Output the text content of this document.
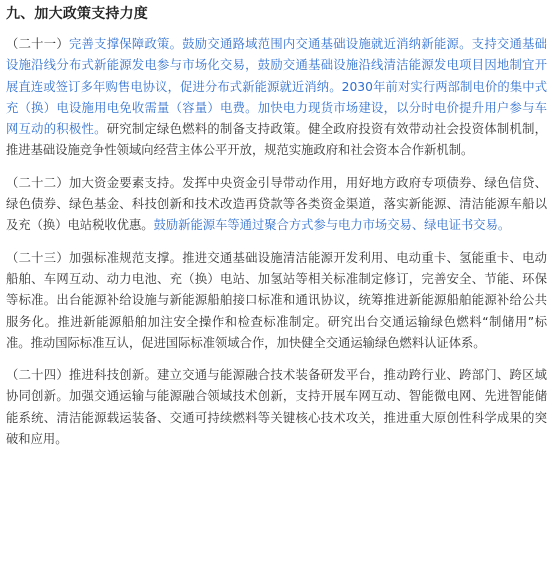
九、加大政策支持力度

（二十一）完善支撑保障政策。鼓励交通路域范围内交通基础设施就近消纳新能源。支持交通基础设施沿线分布式新能源发电参与市场化交易，鼓励交通基础设施沿线清洁能源发电项目因地制宜开展直连或签订多年购售电协议，促进分布式新能源就近消纳。2030年前对实行两部制电价的集中式充（换）电设施用电免收需量（容量）电费。加快电力现货市场建设，以分时电价提升用户参与车网互动的积极性。研究制定绿色燃料的制备支持政策。健全政府投资有效带动社会投资体制机制，推进基础设施竞争性领域向经营主体公平开放，规范实施政府和社会资本合作新机制。

（二十二）加大资金要素支持。发挥中央资金引导带动作用，用好地方政府专项债券、绿色信贷、绿色债券、绿色基金、科技创新和技术改造再贷款等各类资金渠道，落实新能源、清洁能源车船以及充（换）电站税收优惠。鼓励新能源车等通过聚合方式参与电力市场交易、绿电证书交易。

（二十三）加强标准规范支撑。推进交通基础设施清洁能源开发利用、电动重卡、氢能重卡、电动船舶、车网互动、动力电池、充（换）电站、加氢站等相关标准制定修订，完善安全、节能、环保等标准。出台能源补给设施与新能源船舶接口标准和通讯协议，统筹推进新能源船舶能源补给公共服务化。推进新能源船舶加注安全操作和检查标准制定。研究出台交通运输绿色燃料“制储用”标准。推动国际标准互认，促进国际标准领域合作，加快健全交通运输绿色燃料认证体系。

（二十四）推进科技创新。建立交通与能源融合技术装备研发平台，推动跨行业、跨部门、跨区域协同创新。加强交通运输与能源融合领域技术创新，支持开展车网互动、智能微电网、先进智能储能系统、清洁能源载运装备、交通可持续燃料等关键核心技术攻关，推进重大原创性科学成果的突破和应用。
